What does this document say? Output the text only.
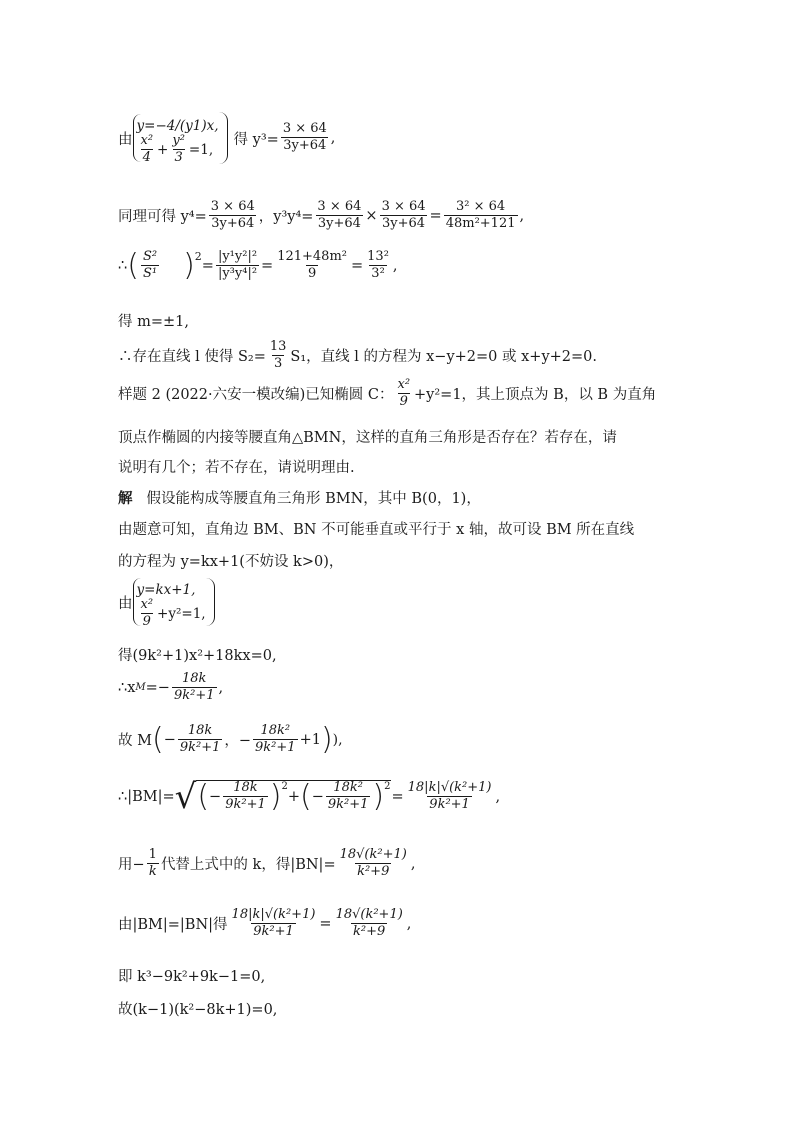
由
y=−4/(y1)x,
$\frac{\text{x²}}{4} + \frac{\text{y²}}{3} =1$,
得 $y^3= \frac{3 \times 64}{3y+64}$ ,
同理可得 $y^4= \frac{3 \times 64}{3y+64}$ ，$y^3y^4= \frac{3 \times 64}{3y+64} \times \frac{3 \times 64}{3y+64} = \frac{\text{3² × 64}}{\text{48m²+121}}$ ,
∴ ( $\frac{\text{S²}}{\text{S¹}} )^2$
= $\frac{\text{|y¹y²|²}}{\text{|y³y⁴|²}} = \frac{\text{121+48m²}}{9} = \frac{\text{13²}}{\text{3²}}$ ,
得 m=±1,
∴存在直线 l 使得 $S_2= \frac{13}{3} S_1$，直线 l 的方程为 x−y+2=0 或 x+y+2=0.
样题 2 (2022·六安一模改编)已知椭圆 C： $\frac{\text{x²}}{9} +y^2=1$，其上顶点为 B，以 B 为直角
顶点作椭圆的内接等腰直角△BMN，这样的直角三角形是否存在？若存在，请
说明有几个；若不存在，请说明理由.
解 假设能构成等腰直角三角形 BMN，其中 B(0，1)，
由题意可知，直角边 BM、BN 不可能垂直或平行于 x 轴，故可设 BM 所在直线
的方程为 y=kx+1(不妨设 k>0)，
由
y=kx+1,
$\frac{\text{x²}}{9} +y^2=1$,
得(9k²+1)x²+18kx=0,
∴x $M =- \frac{18k}{\text{9k²+1}}$ ,
故 M ( − $\frac{18k}{\text{9k²+1}}$ ，− $\frac{\text{18k²}}{\text{9k²+1}} +1$ ) ),
∴|BM|= √ ( − $\frac{18k}{\text{9k²+1}} )^2$
+ ( − $\frac{\text{18k²}}{\text{9k²+1}} )^2$
= $\frac{\text{18|k|√(k²+1)}}{\text{9k²+1}}$ ,
用− $\frac{1}{k}$ 代替上式中的 k，得$|BN|= \frac{\text{18√(k²+1)}}{\text{k²+9}}$ ,
由|BM|=|BN|得 $\frac{\text{18|k|√(k²+1)}}{\text{9k²+1}} = \frac{\text{18√(k²+1)}}{\text{k²+9}}$ ,
即 k³−9k²+9k−1=0,
故(k−1)(k²−8k+1)=0,
